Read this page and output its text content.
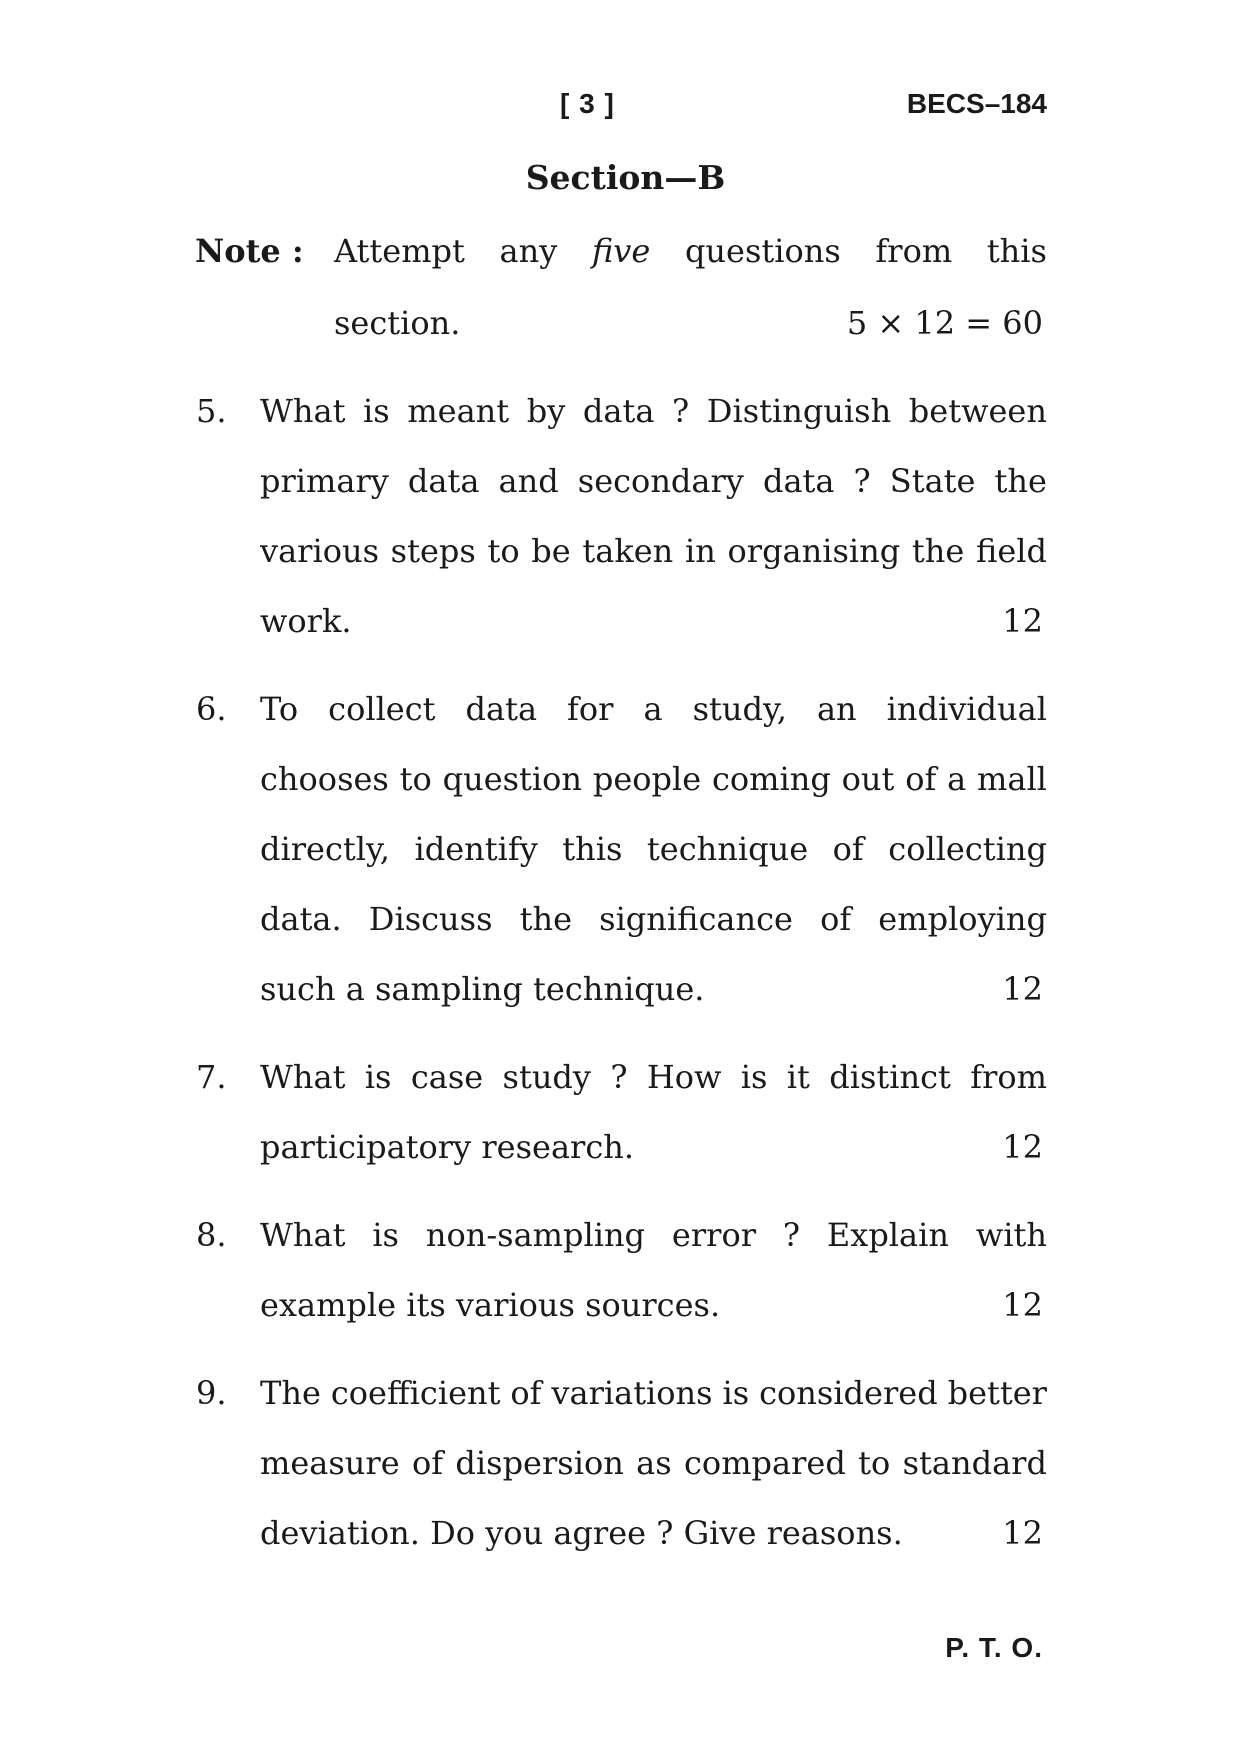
[ 3 ]	BECS–184
Section—B
Note : Attempt any five questions from this
section.	5 × 12 = 60
5. What is meant by data ? Distinguish between
primary data and secondary data ? State the
various steps to be taken in organising the field
work.	12
6. To collect data for a study, an individual
chooses to question people coming out of a mall
directly, identify this technique of collecting
data. Discuss the significance of employing
such a sampling technique.	12
7. What is case study ? How is it distinct from
participatory research.	12
8. What is non-sampling error ? Explain with
example its various sources.	12
9. The coefficient of variations is considered better
measure of dispersion as compared to standard
deviation. Do you agree ? Give reasons.	12
P. T. O.
